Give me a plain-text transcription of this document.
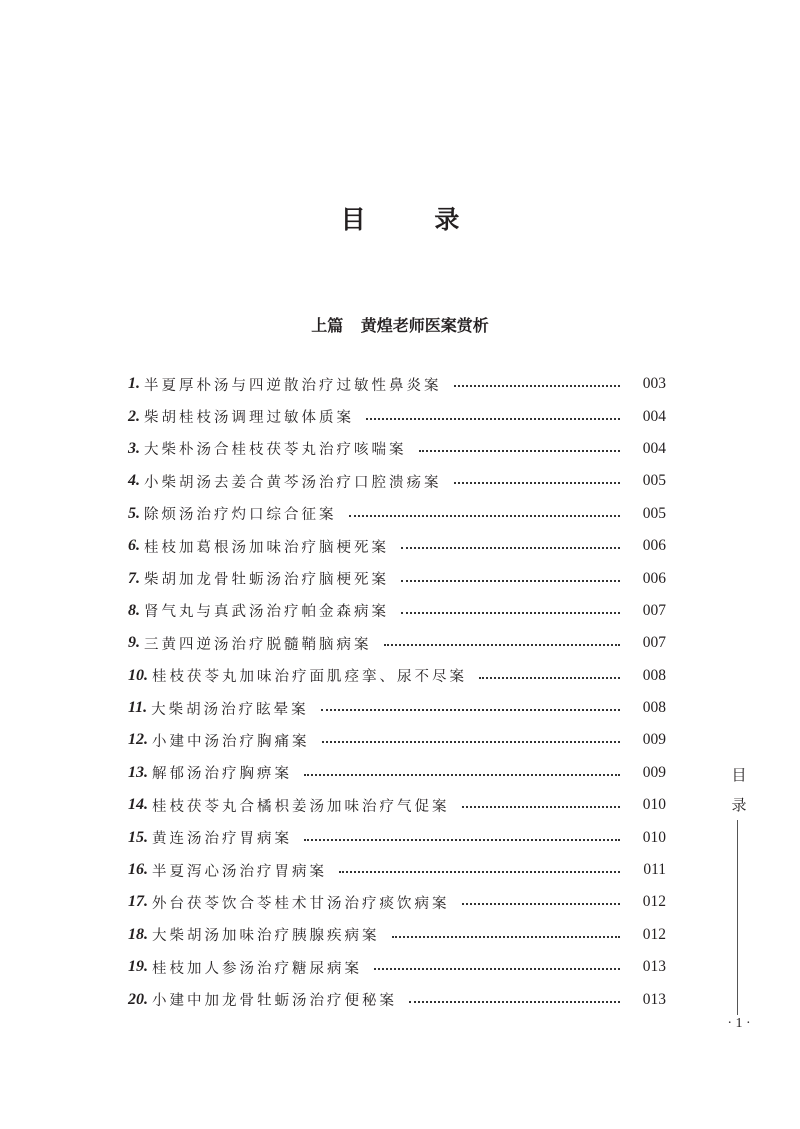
目 录
上篇 黄煌老师医案赏析
1. 半夏厚朴汤与四逆散治疗过敏性鼻炎案	003
2. 柴胡桂枝汤调理过敏体质案	004
3. 大柴朴汤合桂枝茯苓丸治疗咳喘案	004
4. 小柴胡汤去姜合黄芩汤治疗口腔溃疡案	005
5. 除烦汤治疗灼口综合征案	005
6. 桂枝加葛根汤加味治疗脑梗死案	006
7. 柴胡加龙骨牡蛎汤治疗脑梗死案	006
8. 肾气丸与真武汤治疗帕金森病案	007
9. 三黄四逆汤治疗脱髓鞘脑病案	007
10. 桂枝茯苓丸加味治疗面肌痉挛、尿不尽案	008
11. 大柴胡汤治疗眩晕案	008
12. 小建中汤治疗胸痛案	009
13. 解郁汤治疗胸痹案	009
14. 桂枝茯苓丸合橘枳姜汤加味治疗气促案	010
15. 黄连汤治疗胃病案	010
16. 半夏泻心汤治疗胃病案	011
17. 外台茯苓饮合苓桂术甘汤治疗痰饮病案	012
18. 大柴胡汤加味治疗胰腺疾病案	012
19. 桂枝加人参汤治疗糖尿病案	013
20. 小建中加龙骨牡蛎汤治疗便秘案	013
目
录
· 1 ·
